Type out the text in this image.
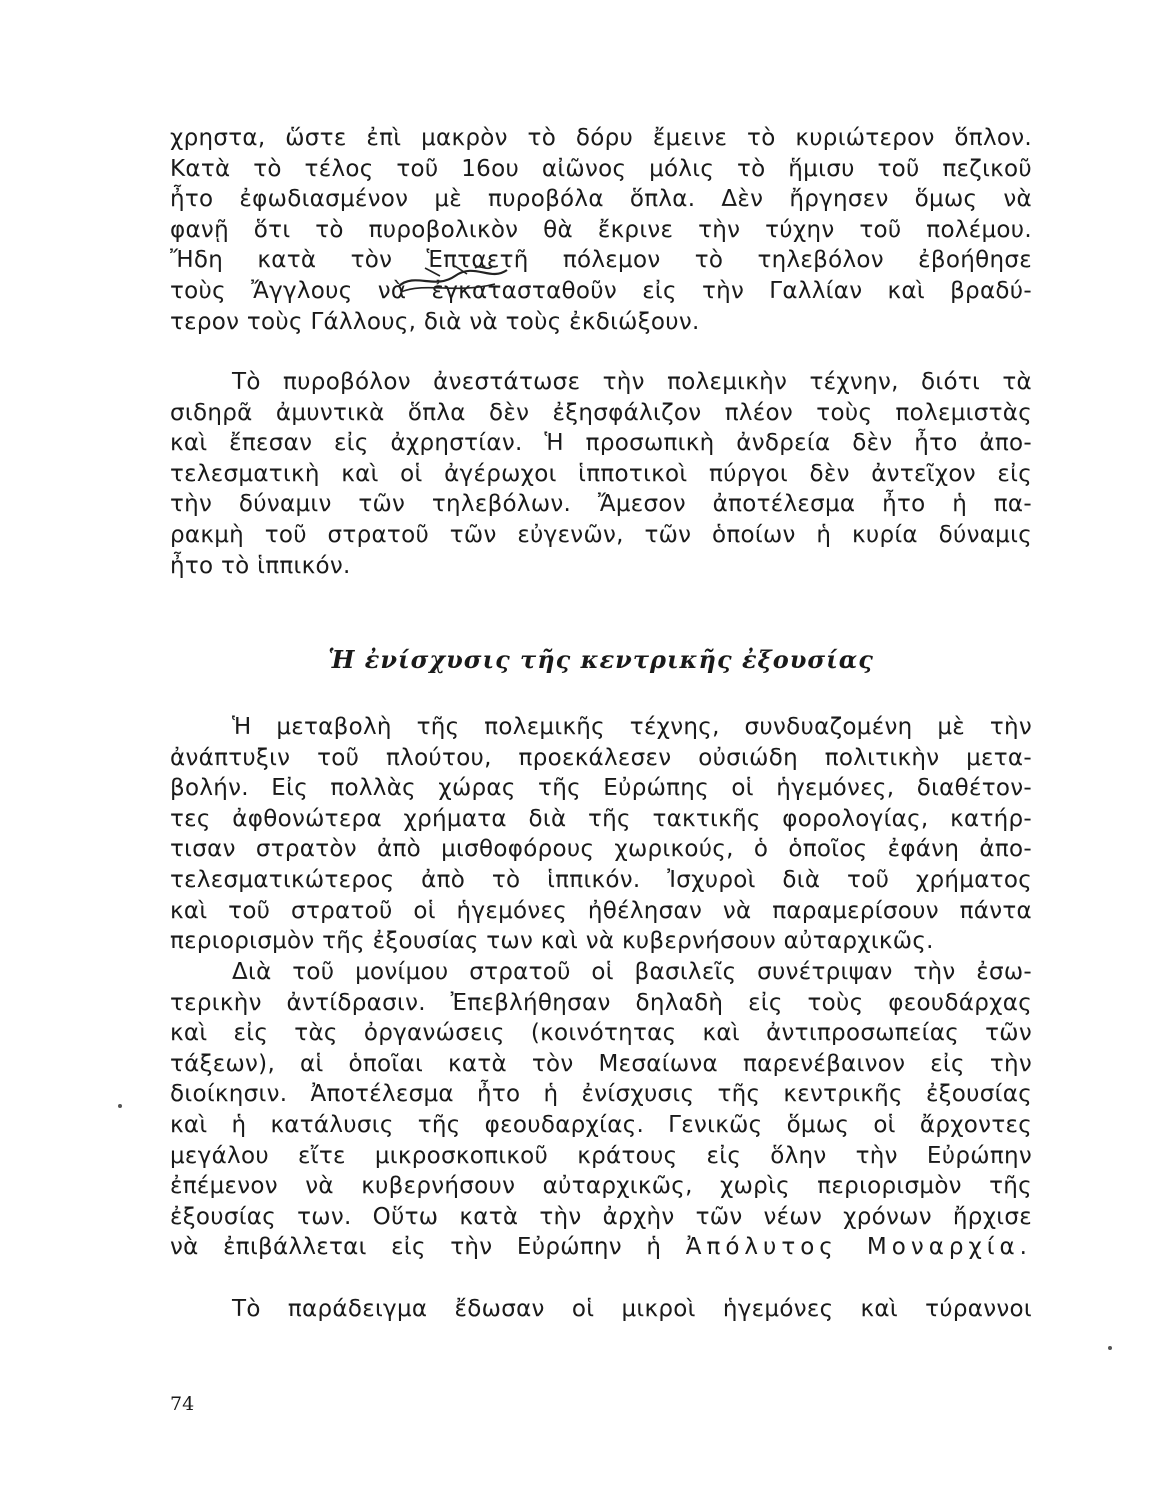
χρηστα, ὥστε ἐπὶ μακρὸν τὸ δόρυ ἔμεινε τὸ κυριώτερον ὅπλον.
Κατὰ τὸ τέλος τοῦ 16ου αἰῶνος μόλις τὸ ἥμισυ τοῦ πεζικοῦ
ἦτο ἐφωδιασμένον μὲ πυροβόλα ὅπλα. Δὲν ἤργησεν ὅμως νὰ
φανῇ ὅτι τὸ πυροβολικὸν θὰ ἔκρινε τὴν τύχην τοῦ πολέμου.
Ἤδη κατὰ τὸν Ἑπταετῆ πόλεμον τὸ τηλεβόλον ἐβοήθησε
τοὺς Ἄγγλους νὰ ἐγκατασταθοῦν εἰς τὴν Γαλλίαν καὶ βραδύ-
τερον τοὺς Γάλλους, διὰ νὰ τοὺς ἐκδιώξουν.
Τὸ πυροβόλον ἀνεστάτωσε τὴν πολεμικὴν τέχνην, διότι τὰ
σιδηρᾶ ἀμυντικὰ ὅπλα δὲν ἐξησφάλιζον πλέον τοὺς πολεμιστὰς
καὶ ἔπεσαν εἰς ἀχρηστίαν. Ἡ προσωπικὴ ἀνδρεία δὲν ἦτο ἀπο-
τελεσματικὴ καὶ οἱ ἀγέρωχοι ἱπποτικοὶ πύργοι δὲν ἀντεῖχον εἰς
τὴν δύναμιν τῶν τηλεβόλων. Ἄμεσον ἀποτέλεσμα ἦτο ἡ πα-
ρακμὴ τοῦ στρατοῦ τῶν εὐγενῶν, τῶν ὁποίων ἡ κυρία δύναμις
ἦτο τὸ ἱππικόν.
Ἡ ἐνίσχυσις τῆς κεντρικῆς ἐξουσίας
Ἡ μεταβολὴ τῆς πολεμικῆς τέχνης, συνδυαζομένη μὲ τὴν
ἀνάπτυξιν τοῦ πλούτου, προεκάλεσεν οὐσιώδη πολιτικὴν μετα-
βολήν. Εἰς πολλὰς χώρας τῆς Εὐρώπης οἱ ἡγεμόνες, διαθέτον-
τες ἀφθονώτερα χρήματα διὰ τῆς τακτικῆς φορολογίας, κατήρ-
τισαν στρατὸν ἀπὸ μισθοφόρους χωρικούς, ὁ ὁποῖος ἐφάνη ἀπο-
τελεσματικώτερος ἀπὸ τὸ ἱππικόν. Ἰσχυροὶ διὰ τοῦ χρήματος
καὶ τοῦ στρατοῦ οἱ ἡγεμόνες ἠθέλησαν νὰ παραμερίσουν πάντα
περιορισμὸν τῆς ἐξουσίας των καὶ νὰ κυβερνήσουν αὐταρχικῶς.
Διὰ τοῦ μονίμου στρατοῦ οἱ βασιλεῖς συνέτριψαν τὴν ἐσω-
τερικὴν ἀντίδρασιν. Ἐπεβλήθησαν δηλαδὴ εἰς τοὺς φεουδάρχας
καὶ εἰς τὰς ὀργανώσεις (κοινότητας καὶ ἀντιπροσωπείας τῶν
τάξεων), αἱ ὁποῖαι κατὰ τὸν Μεσαίωνα παρενέβαινον εἰς τὴν
διοίκησιν. Ἀποτέλεσμα ἦτο ἡ ἐνίσχυσις τῆς κεντρικῆς ἐξουσίας
καὶ ἡ κατάλυσις τῆς φεουδαρχίας. Γενικῶς ὅμως οἱ ἄρχοντες
μεγάλου εἴτε μικροσκοπικοῦ κράτους εἰς ὅλην τὴν Εὐρώπην
ἐπέμενον νὰ κυβερνήσουν αὐταρχικῶς, χωρὶς περιορισμὸν τῆς
ἐξουσίας των. Οὕτω κατὰ τὴν ἀρχὴν τῶν νέων χρόνων ἤρχισε
νὰ ἐπιβάλλεται εἰς τὴν Εὐρώπην ἡ Ἀπόλυτος Μοναρχία.
Τὸ παράδειγμα ἔδωσαν οἱ μικροὶ ἡγεμόνες καὶ τύραννοι
74
